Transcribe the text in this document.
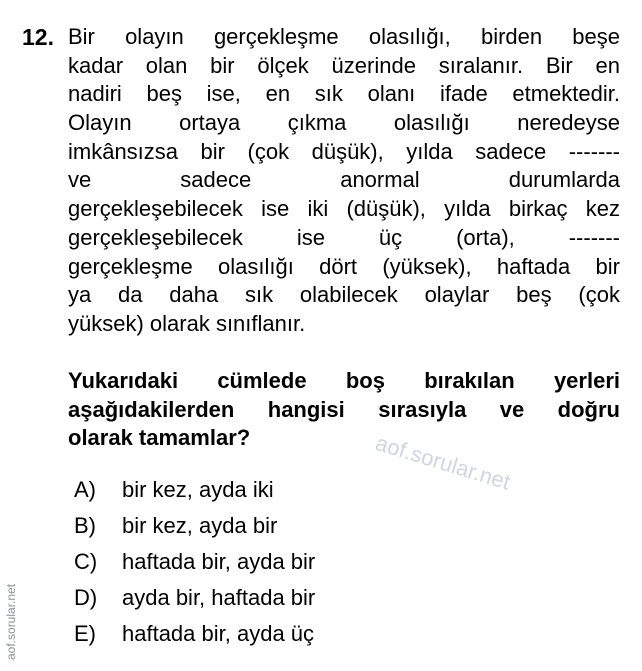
12. Bir olayın gerçekleşme olasılığı, birden beşe
kadar olan bir ölçek üzerinde sıralanır. Bir en
nadiri beş ise, en sık olanı ifade etmektedir.
Olayın ortaya çıkma olasılığı neredeyse
imkânsızsa bir (çok düşük), yılda sadece -------
ve sadece anormal durumlarda
gerçekleşebilecek ise iki (düşük), yılda birkaç kez
gerçekleşebilecek ise üç (orta), -------
gerçekleşme olasılığı dört (yüksek), haftada bir
ya da daha sık olabilecek olaylar beş (çok
yüksek) olarak sınıflanır.
Yukarıdaki cümlede boş bırakılan yerleri
aşağıdakilerden hangisi sırasıyla ve doğru
olarak tamamlar?	aof.sorular.net
A)	bir kez, ayda iki
B)	bir kez, ayda bir
C)	haftada bir, ayda bir
D)	ayda bir, haftada bir
E)	haftada bir, ayda üç
aof.sorular.net
